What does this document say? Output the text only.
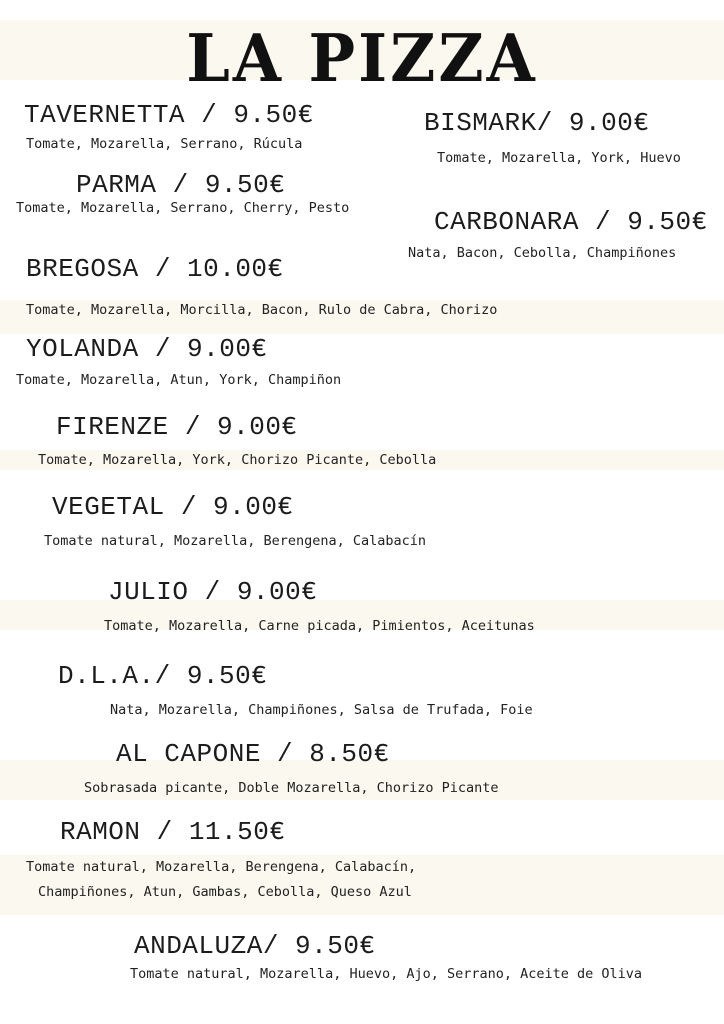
LA PIZZA
TAVERNETTA / 9.50€
Tomate, Mozarella, Serrano, Rúcula
BISMARK/ 9.00€
Tomate, Mozarella, York, Huevo
PARMA / 9.50€
Tomate, Mozarella, Serrano, Cherry, Pesto	CARBONARA / 9.50€
Nata, Bacon, Cebolla, Champiñones
BREGOSA / 10.00€
Tomate, Mozarella, Morcilla, Bacon, Rulo de Cabra, Chorizo
YOLANDA / 9.00€
Tomate, Mozarella, Atun, York, Champiñon
FIRENZE / 9.00€
Tomate, Mozarella, York, Chorizo Picante, Cebolla
VEGETAL / 9.00€
Tomate natural, Mozarella, Berengena, Calabacín
JULIO / 9.00€
Tomate, Mozarella, Carne picada, Pimientos, Aceitunas
D.L.A./ 9.50€
Nata, Mozarella, Champiñones, Salsa de Trufada, Foie
AL CAPONE / 8.50€
Sobrasada picante, Doble Mozarella, Chorizo Picante
RAMON / 11.50€
Tomate natural, Mozarella, Berengena, Calabacín,
Champiñones, Atun, Gambas, Cebolla, Queso Azul
ANDALUZA/ 9.50€
Tomate natural, Mozarella, Huevo, Ajo, Serrano, Aceite de Oliva
